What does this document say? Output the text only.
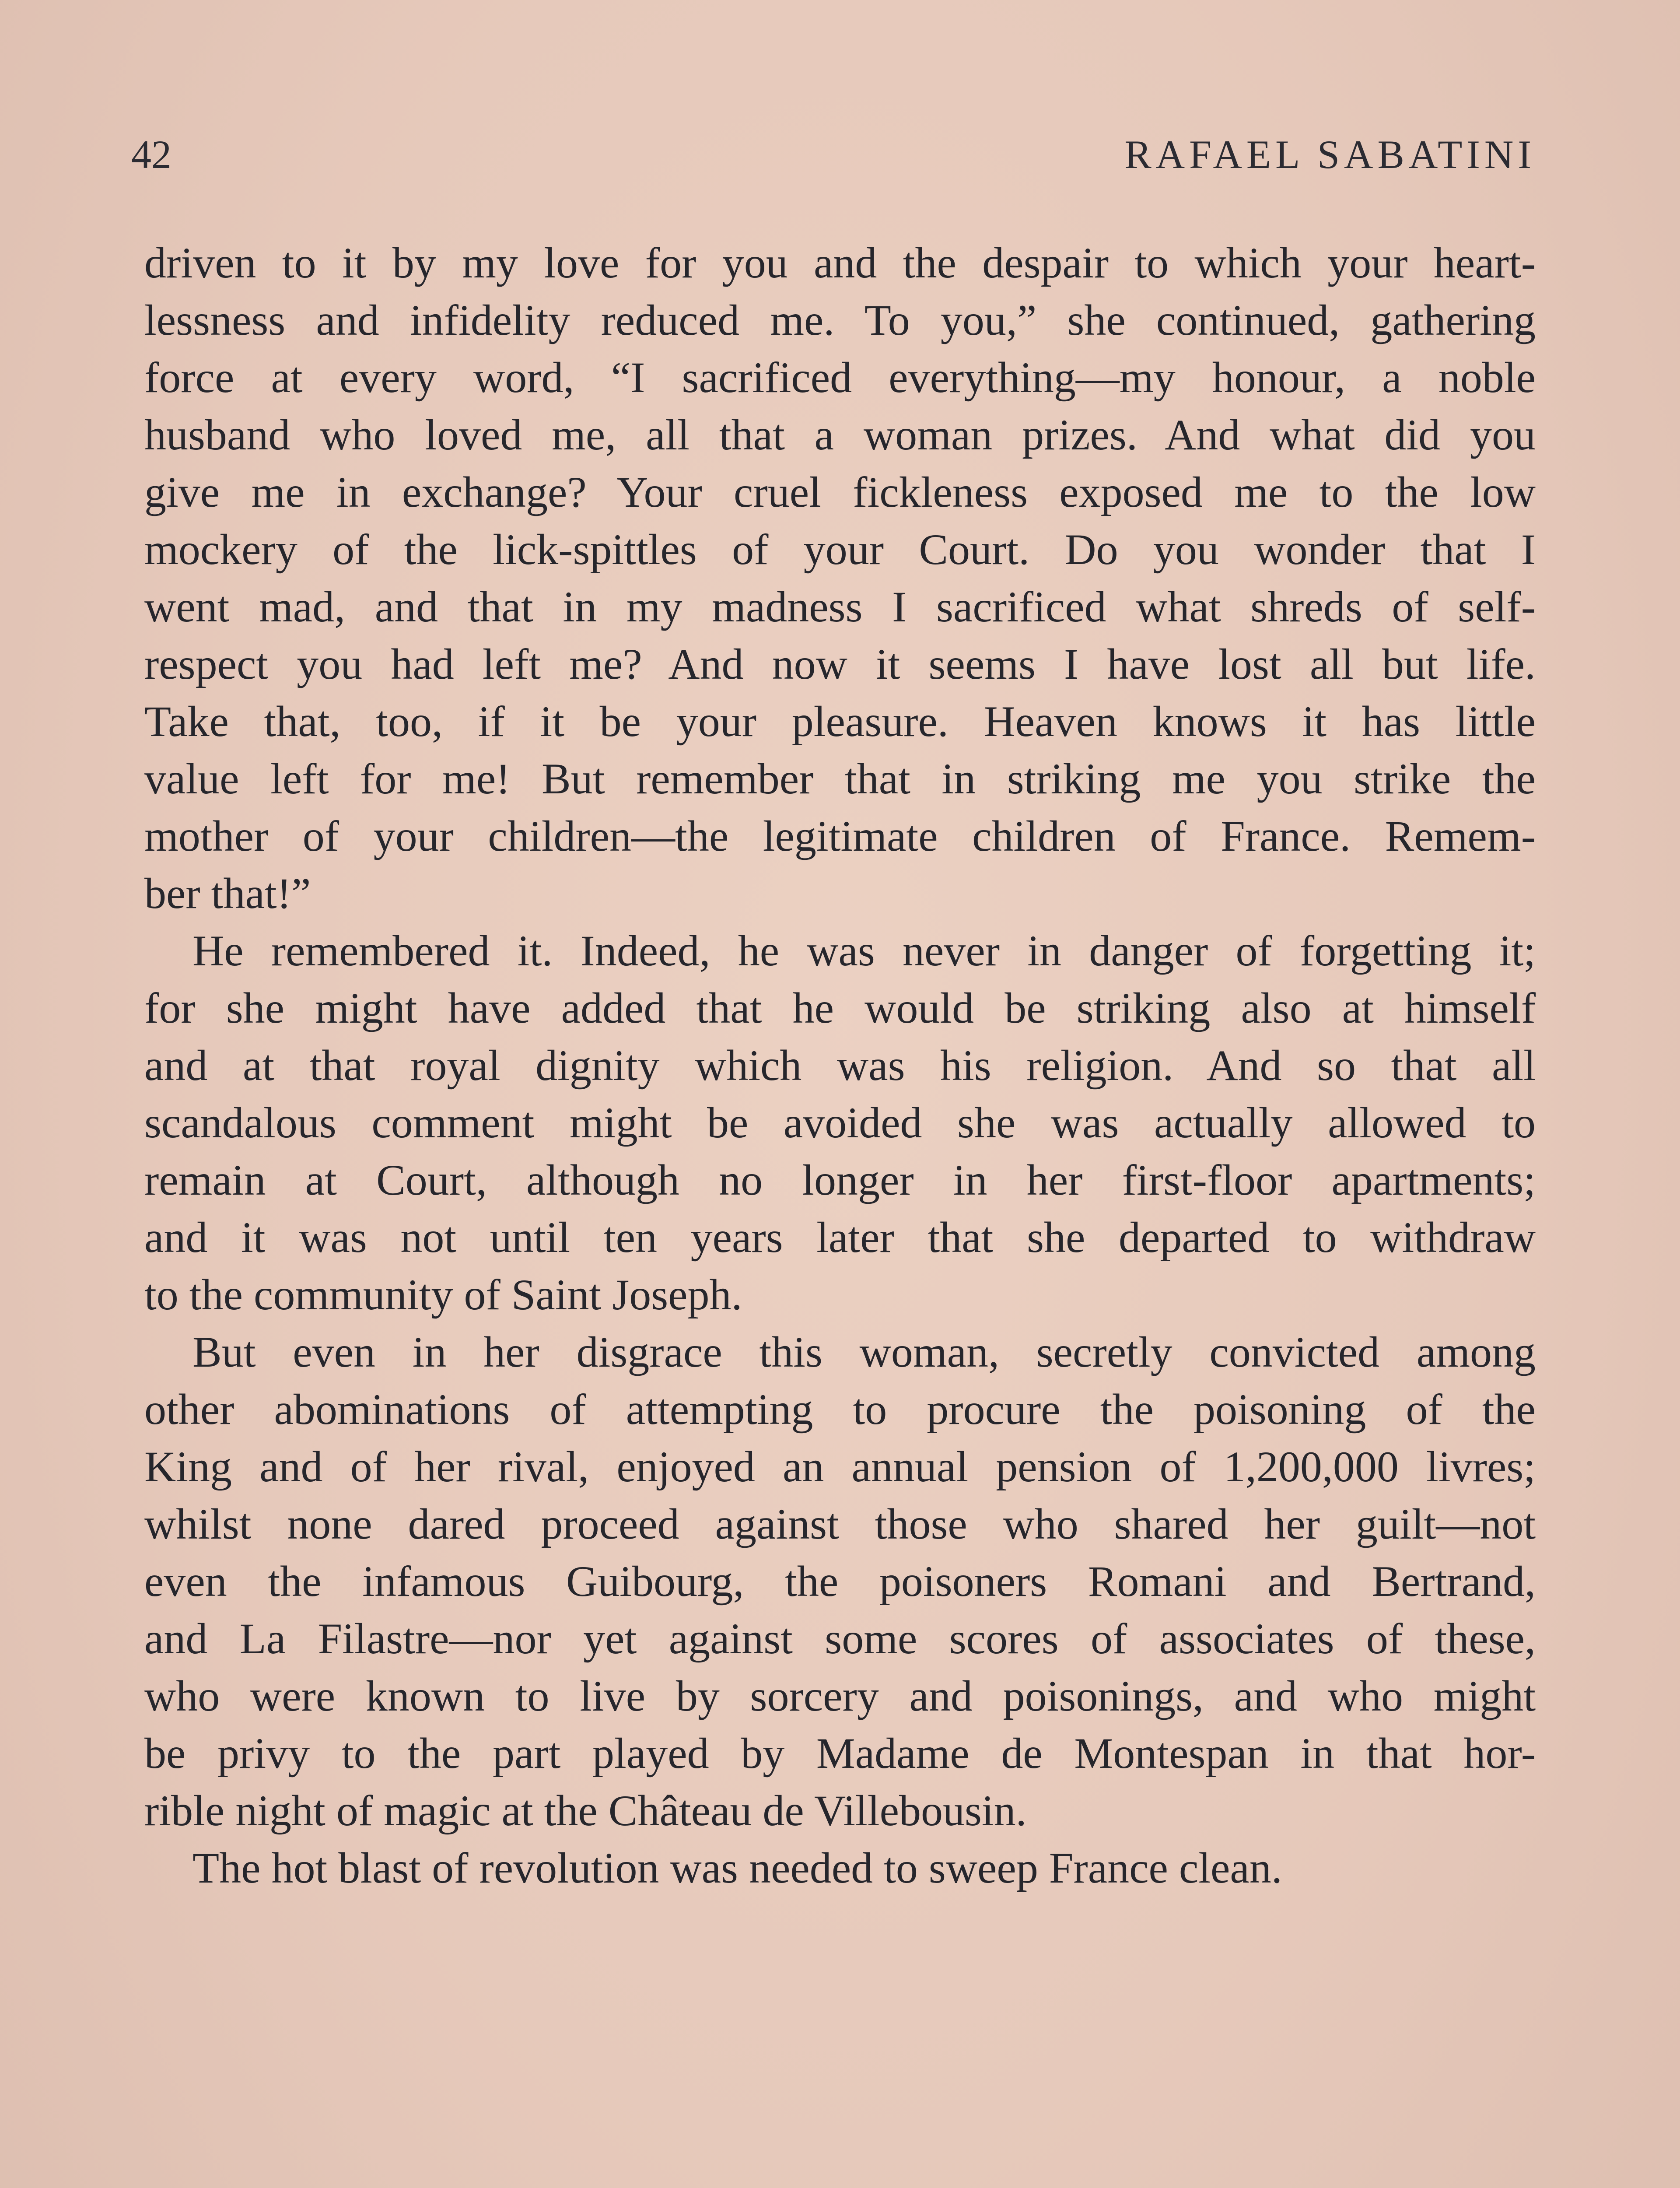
42	RAFAEL SABATINI
driven to it by my love for you and the despair to which your heart-
lessness and infidelity reduced me. To you,” she continued, gathering
force at every word, “I sacrificed everything—my honour, a noble
husband who loved me, all that a woman prizes. And what did you
give me in exchange? Your cruel fickleness exposed me to the low
mockery of the lick-spittles of your Court. Do you wonder that I
went mad, and that in my madness I sacrificed what shreds of self-
respect you had left me? And now it seems I have lost all but life.
Take that, too, if it be your pleasure. Heaven knows it has little
value left for me! But remember that in striking me you strike the
mother of your children—the legitimate children of France. Remem-
ber that!”
He remembered it. Indeed, he was never in danger of forgetting it;
for she might have added that he would be striking also at himself
and at that royal dignity which was his religion. And so that all
scandalous comment might be avoided she was actually allowed to
remain at Court, although no longer in her first-floor apartments;
and it was not until ten years later that she departed to withdraw
to the community of Saint Joseph.
But even in her disgrace this woman, secretly convicted among
other abominations of attempting to procure the poisoning of the
King and of her rival, enjoyed an annual pension of 1,200,000 livres;
whilst none dared proceed against those who shared her guilt—not
even the infamous Guibourg, the poisoners Romani and Bertrand,
and La Filastre—nor yet against some scores of associates of these,
who were known to live by sorcery and poisonings, and who might
be privy to the part played by Madame de Montespan in that hor-
rible night of magic at the Château de Villebousin.
The hot blast of revolution was needed to sweep France clean.
